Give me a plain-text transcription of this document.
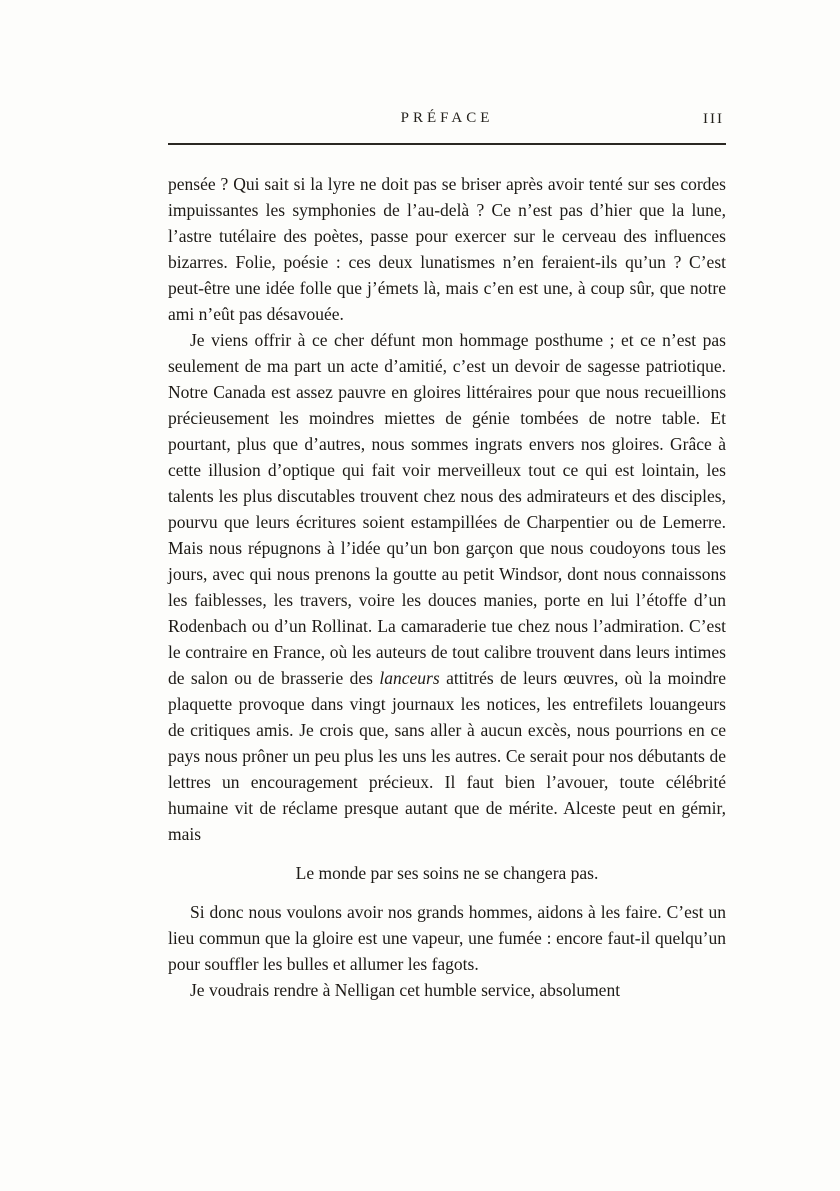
PRÉFACE	III

pensée ? Qui sait si la lyre ne doit pas se briser après avoir tenté sur ses cordes impuissantes les symphonies de l’au-delà ? Ce n’est pas d’hier que la lune, l’astre tutélaire des poètes, passe pour exercer sur le cerveau des influences bizarres. Folie, poésie : ces deux lunatismes n’en feraient-ils qu’un ? C’est peut-être une idée folle que j’émets là, mais c’en est une, à coup sûr, que notre ami n’eût pas désavouée.

Je viens offrir à ce cher défunt mon hommage posthume ; et ce n’est pas seulement de ma part un acte d’amitié, c’est un devoir de sagesse patriotique. Notre Canada est assez pauvre en gloires littéraires pour que nous recueillions précieusement les moindres miettes de génie tombées de notre table. Et pourtant, plus que d’autres, nous sommes ingrats envers nos gloires. Grâce à cette illusion d’optique qui fait voir merveilleux tout ce qui est lointain, les talents les plus discutables trouvent chez nous des admirateurs et des disciples, pourvu que leurs écritures soient estampillées de Charpentier ou de Lemerre. Mais nous répugnons à l’idée qu’un bon garçon que nous coudoyons tous les jours, avec qui nous prenons la goutte au petit Windsor, dont nous connaissons les faiblesses, les travers, voire les douces manies, porte en lui l’étoffe d’un Rodenbach ou d’un Rollinat. La camaraderie tue chez nous l’admiration. C’est le contraire en France, où les auteurs de tout calibre trouvent dans leurs intimes de salon ou de brasserie des lanceurs attitrés de leurs œuvres, où la moindre plaquette provoque dans vingt journaux les notices, les entrefilets louangeurs de critiques amis. Je crois que, sans aller à aucun excès, nous pourrions en ce pays nous prôner un peu plus les uns les autres. Ce serait pour nos débutants de lettres un encouragement précieux. Il faut bien l’avouer, toute célébrité humaine vit de réclame presque autant que de mérite. Alceste peut en gémir, mais

Le monde par ses soins ne se changera pas.

Si donc nous voulons avoir nos grands hommes, aidons à les faire. C’est un lieu commun que la gloire est une vapeur, une fumée : encore faut-il quelqu’un pour souffler les bulles et allumer les fagots.

Je voudrais rendre à Nelligan cet humble service, absolument
